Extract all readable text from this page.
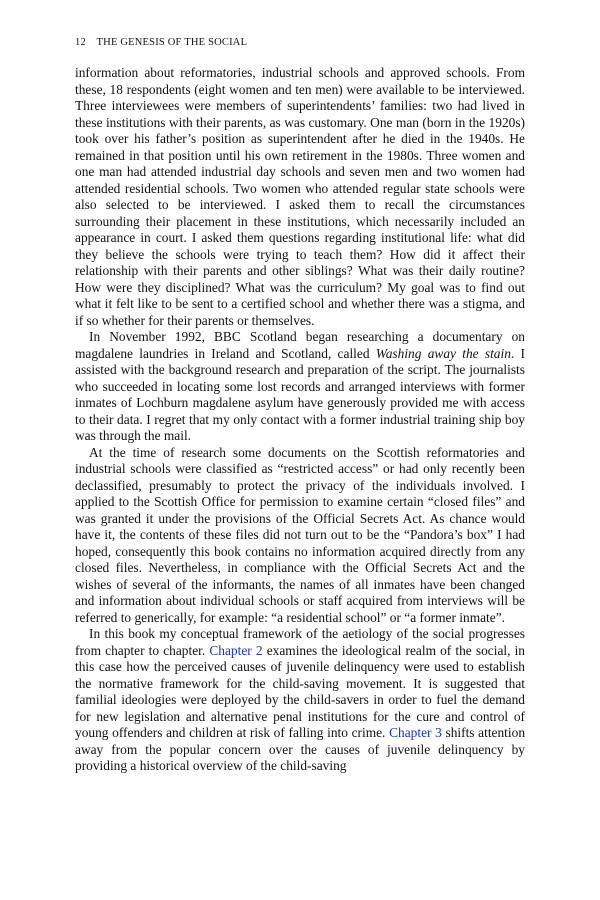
12 THE GENESIS OF THE SOCIAL

information about reformatories, industrial schools and approved schools. From these, 18 respondents (eight women and ten men) were available to be interviewed. Three interviewees were members of superintendents’ families: two had lived in these institutions with their parents, as was customary. One man (born in the 1920s) took over his father’s position as superintendent after he died in the 1940s. He remained in that position until his own retirement in the 1980s. Three women and one man had attended industrial day schools and seven men and two women had attended residential schools. Two women who attended regular state schools were also selected to be interviewed. I asked them to recall the circumstances surrounding their placement in these institutions, which necessarily included an appearance in court. I asked them questions regarding institutional life: what did they believe the schools were trying to teach them? How did it affect their relationship with their parents and other siblings? What was their daily routine? How were they disciplined? What was the curriculum? My goal was to find out what it felt like to be sent to a certified school and whether there was a stigma, and if so whether for their parents or themselves.

In November 1992, BBC Scotland began researching a documentary on magdalene laundries in Ireland and Scotland, called Washing away the stain. I assisted with the background research and preparation of the script. The journalists who succeeded in locating some lost records and arranged interviews with former inmates of Lochburn magdalene asylum have generously provided me with access to their data. I regret that my only contact with a former industrial training ship boy was through the mail.

At the time of research some documents on the Scottish reformatories and industrial schools were classified as “restricted access” or had only recently been declassified, presumably to protect the privacy of the individuals involved. I applied to the Scottish Office for permission to examine certain “closed files” and was granted it under the provisions of the Official Secrets Act. As chance would have it, the contents of these files did not turn out to be the “Pandora’s box” I had hoped, consequently this book contains no information acquired directly from any closed files. Nevertheless, in compliance with the Official Secrets Act and the wishes of several of the informants, the names of all inmates have been changed and information about individual schools or staff acquired from interviews will be referred to generically, for example: “a residential school” or “a former inmate”.

In this book my conceptual framework of the aetiology of the social progresses from chapter to chapter. Chapter 2 examines the ideological realm of the social, in this case how the perceived causes of juvenile delinquency were used to establish the normative framework for the child-saving movement. It is suggested that familial ideologies were deployed by the child-savers in order to fuel the demand for new legislation and alternative penal institutions for the cure and control of young offenders and children at risk of falling into crime. Chapter 3 shifts attention away from the popular concern over the causes of juvenile delinquency by providing a historical overview of the child-saving
